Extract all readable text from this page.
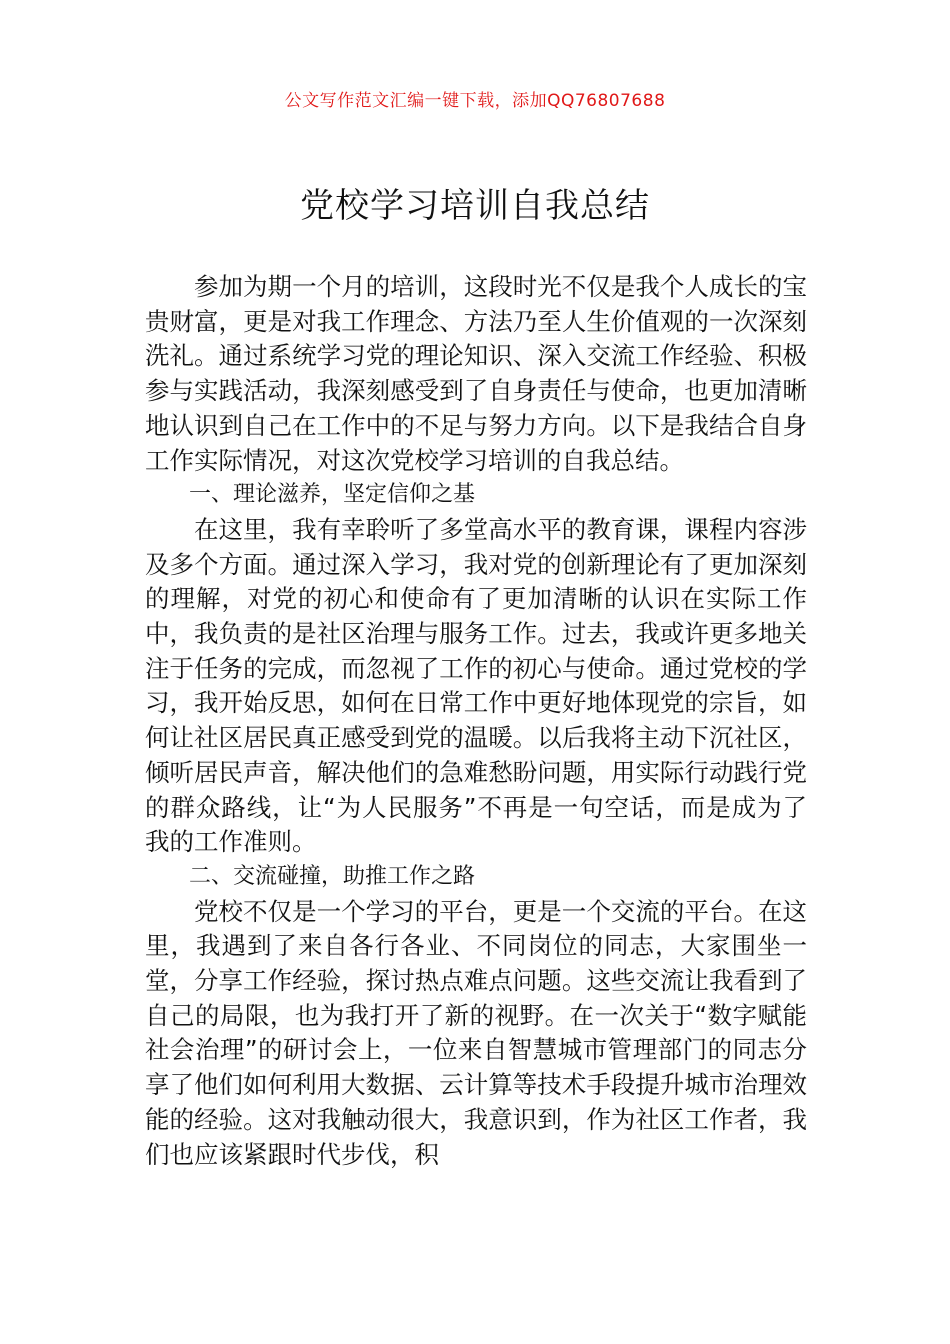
公文写作范文汇编一键下载，添加QQ76807688
党校学习培训自我总结

参加为期一个月的培训，这段时光不仅是我个人成长的宝贵财富，更是对我工作理念、方法乃至人生价值观的一次深刻洗礼。通过系统学习党的理论知识、深入交流工作经验、积极参与实践活动，我深刻感受到了自身责任与使命，也更加清晰地认识到自己在工作中的不足与努力方向。以下是我结合自身工作实际情况，对这次党校学习培训的自我总结。

一、理论滋养，坚定信仰之基

在这里，我有幸聆听了多堂高水平的教育课，课程内容涉及多个方面。通过深入学习，我对党的创新理论有了更加深刻的理解，对党的初心和使命有了更加清晰的认识在实际工作中，我负责的是社区治理与服务工作。过去，我或许更多地关注于任务的完成，而忽视了工作的初心与使命。通过党校的学习，我开始反思，如何在日常工作中更好地体现党的宗旨，如何让社区居民真正感受到党的温暖。以后我将主动下沉社区，倾听居民声音，解决他们的急难愁盼问题，用实际行动践行党的群众路线，让“为人民服务”不再是一句空话，而是成为了我的工作准则。

二、交流碰撞，助推工作之路

党校不仅是一个学习的平台，更是一个交流的平台。在这里，我遇到了来自各行各业、不同岗位的同志，大家围坐一堂，分享工作经验，探讨热点难点问题。这些交流让我看到了自己的局限，也为我打开了新的视野。在一次关于“数字赋能社会治理”的研讨会上，一位来自智慧城市管理部门的同志分享了他们如何利用大数据、云计算等技术手段提升城市治理效能的经验。这对我触动很大，我意识到，作为社区工作者，我们也应该紧跟时代步伐，积
